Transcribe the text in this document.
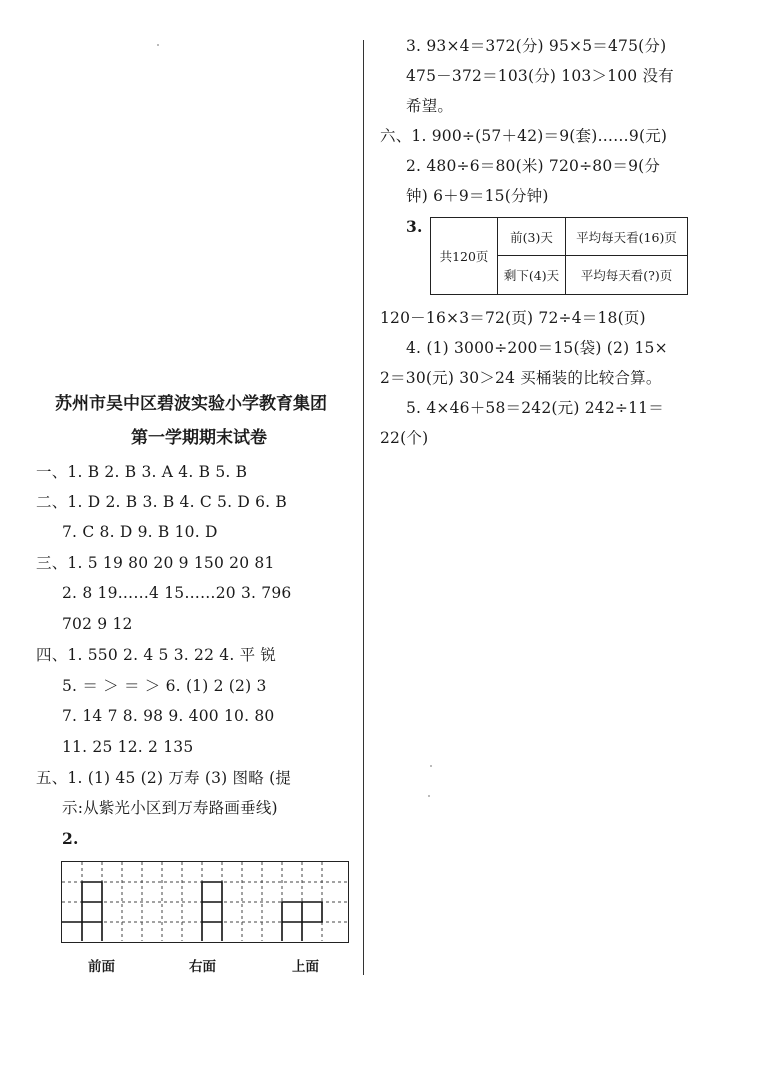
3. 93×4＝372(分) 95×5＝475(分)
475－372＝103(分) 103＞100 没有
希望。
六、1. 900÷(57＋42)＝9(套)……9(元)
2. 480÷6＝80(米) 720÷80＝9(分
钟) 6＋9＝15(分钟)
3.
共120页
前(3)天	平均每天看(16)页
剩下(4)天	平均每天看(?)页
120－16×3＝72(页) 72÷4＝18(页)
4. (1) 3000÷200＝15(袋) (2) 15×
2＝30(元) 30＞24 买桶装的比较合算。
5. 4×46＋58＝242(元) 242÷11＝
22(个)
苏州市吴中区碧波实验小学教育集团
第一学期期末试卷
一、1. B 2. B 3. A 4. B 5. B
二、1. D 2. B 3. B 4. C 5. D 6. B
7. C 8. D 9. B 10. D
三、1. 5 19 80 20 9 150 20 81
2. 8 19……4 15……20 3. 796
702 9 12
四、1. 550 2. 4 5 3. 22 4. 平 锐
5. ＝ ＞ ＝ ＞ 6. (1) 2 (2) 3
7. 14 7 8. 98 9. 400 10. 80
11. 25 12. 2 135
五、1. (1) 45 (2) 万寿 (3) 图略 (提
示:从紫光小区到万寿路画垂线)
2.
前面	右面	上面
